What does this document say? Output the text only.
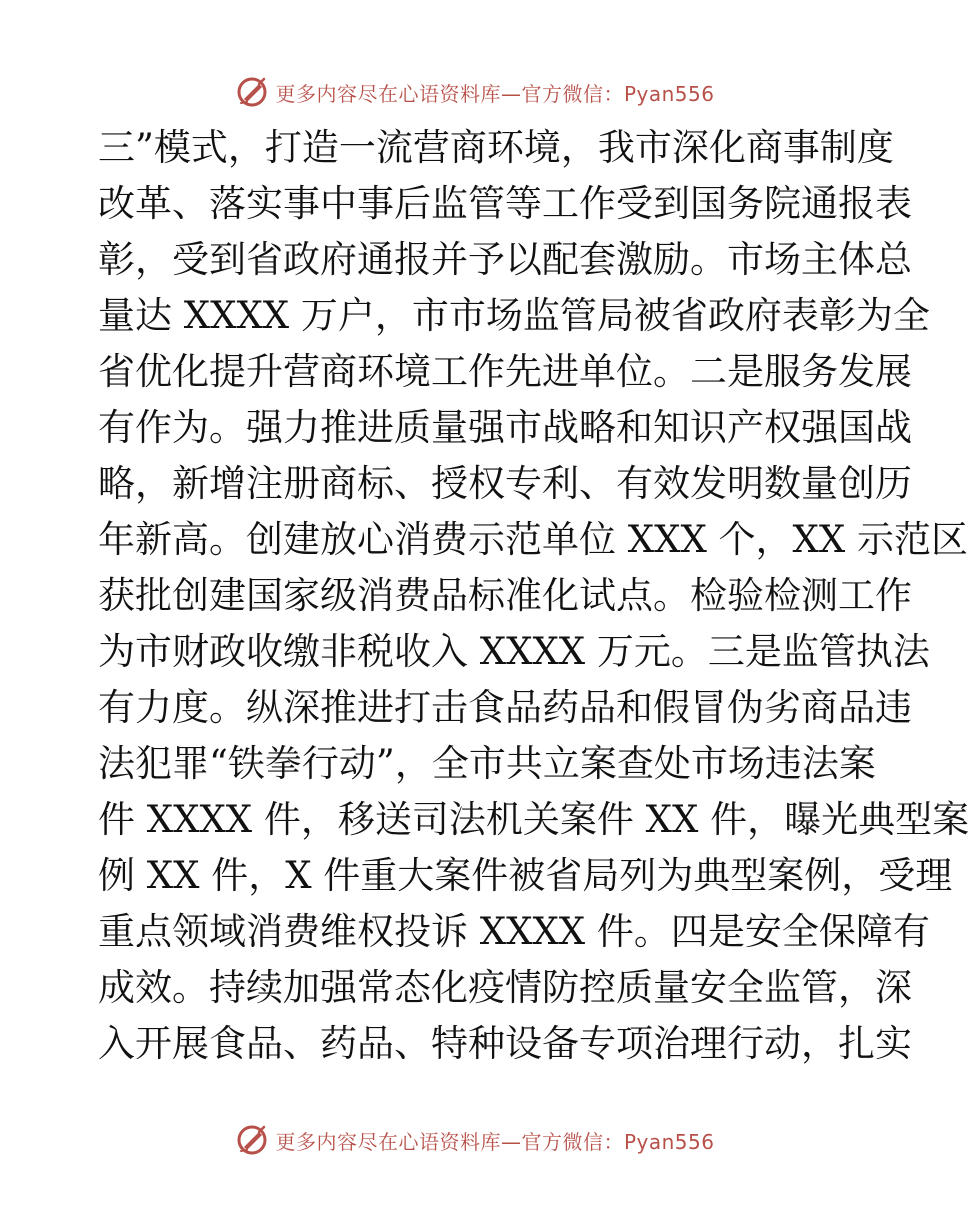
更多内容尽在心语资料库—官方微信：Pyan556
三”模式，打造一流营商环境，我市深化商事制度
改革、落实事中事后监管等工作受到国务院通报表
彰，受到省政府通报并予以配套激励。市场主体总
量达 XXXX 万户，市市场监管局被省政府表彰为全
省优化提升营商环境工作先进单位。二是服务发展
有作为。强力推进质量强市战略和知识产权强国战
略，新增注册商标、授权专利、有效发明数量创历
年新高。创建放心消费示范单位 XXX 个，XX 示范区
获批创建国家级消费品标准化试点。检验检测工作
为市财政收缴非税收入 XXXX 万元。三是监管执法
有力度。纵深推进打击食品药品和假冒伪劣商品违
法犯罪“铁拳行动”，全市共立案查处市场违法案
件 XXXX 件，移送司法机关案件 XX 件，曝光典型案
例 XX 件，X 件重大案件被省局列为典型案例，受理
重点领域消费维权投诉 XXXX 件。四是安全保障有
成效。持续加强常态化疫情防控质量安全监管，深
入开展食品、药品、特种设备专项治理行动，扎实
更多内容尽在心语资料库—官方微信：Pyan556
